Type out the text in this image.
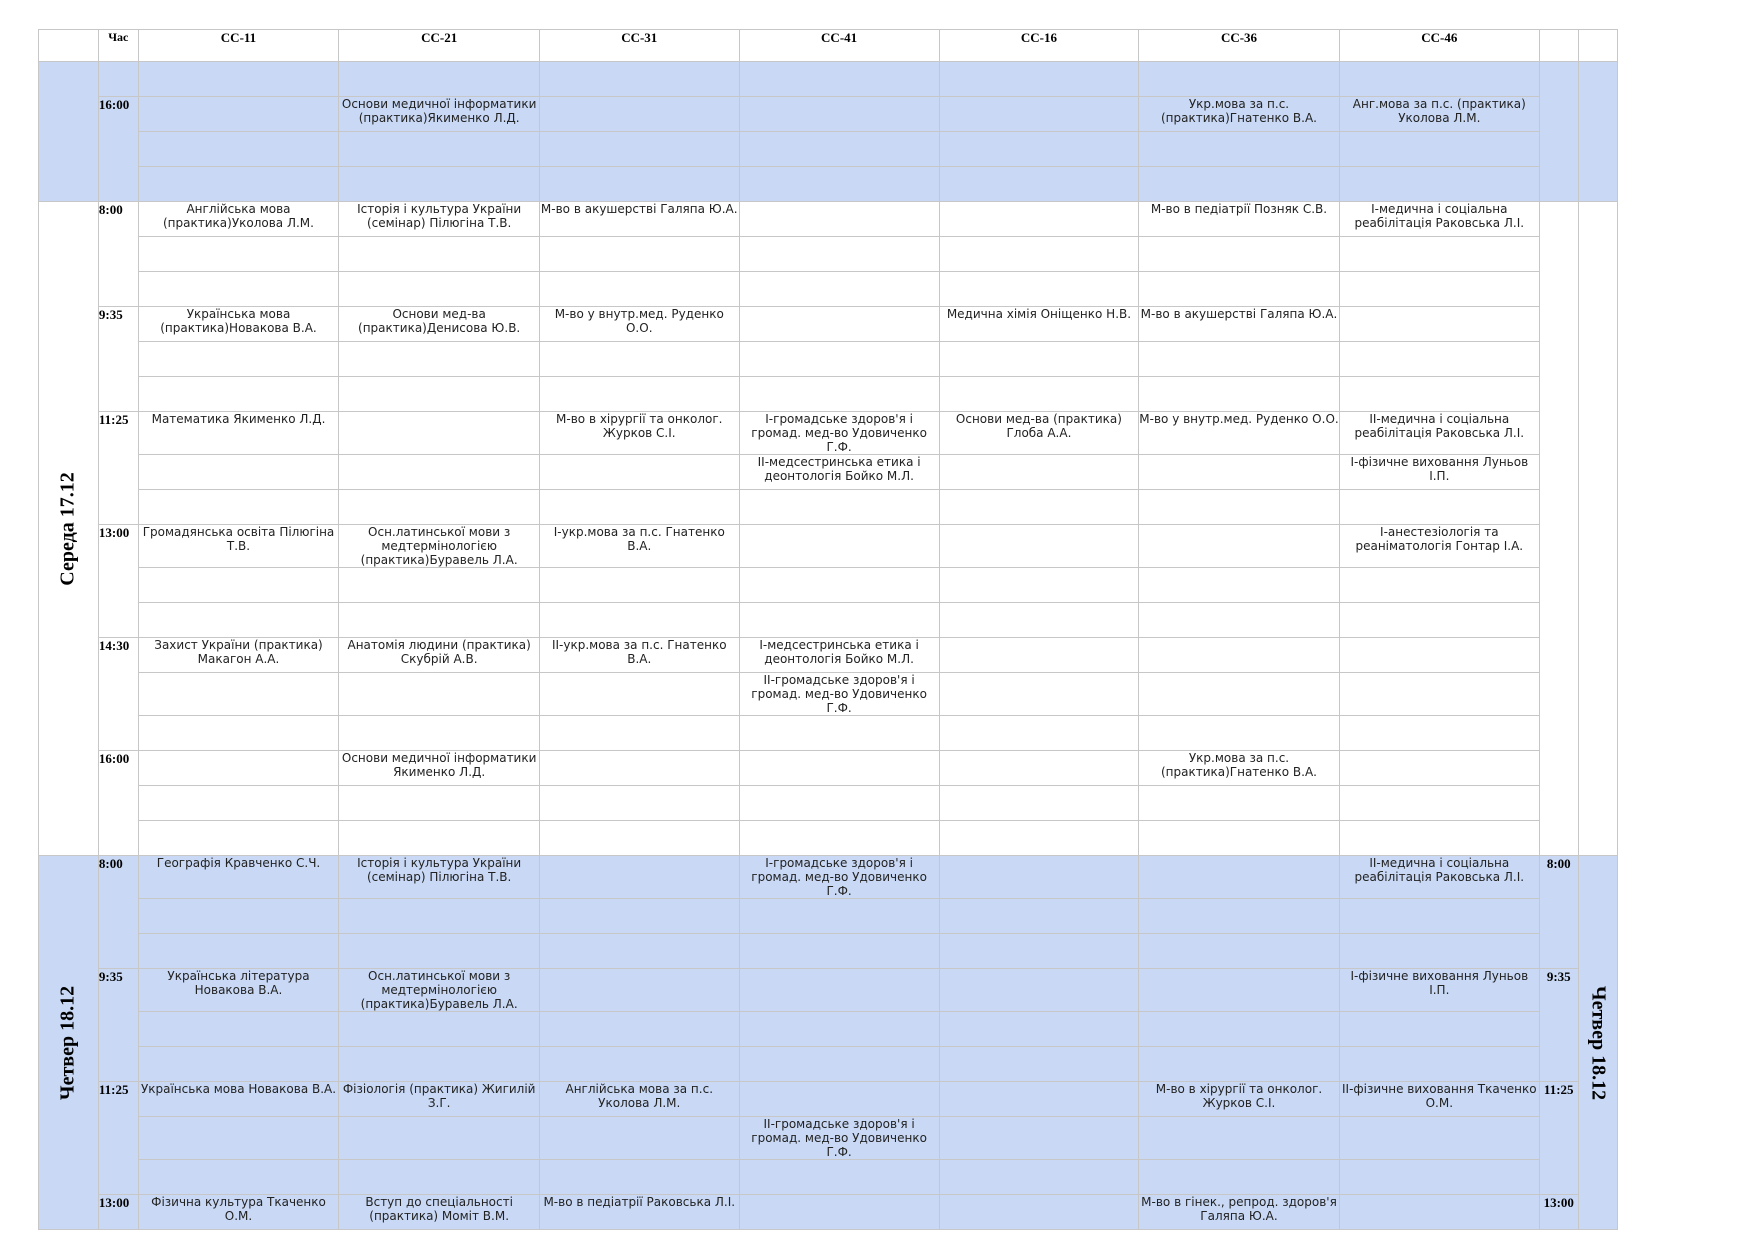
	Час	СС-11	СС-21	СС-31	СС-41	СС-16	СС-36	СС-46		

	16:00		Основи медичної інформатики (практика)Якименко Л.Д.				Укр.мова за п.с. (практика)Гнатенко В.А.	Анг.мова за п.с. (практика) Уколова Л.М.		

Середа 17.12	8:00	Англійська мова (практика)Уколова Л.М.	Історія і культура України (семінар) Пілюгіна Т.В.	М-во в акушерстві Галяпа Ю.А.			М-во в педіатрії Позняк С.В.	І-медична і соціальна реабілітація Раковська Л.І.		

	9:35	Українська мова (практика)Новакова В.А.	Основи мед-ва (практика)Денисова Ю.В.	М-во у внутр.мед. Руденко О.О.		Медична хімія Оніщенко Н.В.	М-во в акушерстві Галяпа Ю.А.			

	11:25	Математика Якименко Л.Д.		М-во в хірургії та онколог. Журков С.І.	І-громадське здоров'я і громад. мед-во Удовиченко Г.Ф.	Основи мед-ва (практика) Глоба А.А.	М-во у внутр.мед. Руденко О.О.	ІІ-медична і соціальна реабілітація Раковська Л.І.		
					ІІ-медсестринська етика і деонтологія Бойко М.Л.			І-фізичне виховання Луньов І.П.		

	13:00	Громадянська освіта Пілюгіна Т.В.	Осн.латинської мови з медтермінологією (практика)Буравель Л.А.	І-укр.мова за п.с. Гнатенко В.А.				І-анестезіологія та реаніматологія Гонтар І.А.		

	14:30	Захист України (практика) Макагон А.А.	Анатомія людини (практика) Скубрій А.В.	ІІ-укр.мова за п.с. Гнатенко В.А.	І-медсестринська етика і деонтологія Бойко М.Л.					
					ІІ-громадське здоров'я і громад. мед-во Удовиченко Г.Ф.					

	16:00		Основи медичної інформатики Якименко Л.Д.				Укр.мова за п.с. (практика)Гнатенко В.А.			

Четвер 18.12	8:00	Географія Кравченко С.Ч.	Історія і культура України (семінар) Пілюгіна Т.В.		І-громадське здоров'я і громад. мед-во Удовиченко Г.Ф.			ІІ-медична і соціальна реабілітація Раковська Л.І.	8:00	Четвер 18.12

	9:35	Українська література Новакова В.А.	Осн.латинської мови з медтермінологією (практика)Буравель Л.А.					І-фізичне виховання Луньов І.П.	9:35	

	11:25	Українська мова Новакова В.А.	Фізіологія (практика) Жигилій З.Г.	Англійська мова за п.с. Уколова Л.М.			М-во в хірургії та онколог. Журков С.І.	ІІ-фізичне виховання Ткаченко О.М.	11:25	
					ІІ-громадське здоров'я і громад. мед-во Удовиченко Г.Ф.					

	13:00	Фізична культура Ткаченко О.М.	Вступ до спеціальності (практика) Моміт В.М.	М-во в педіатрії Раковська Л.І.			М-во в гінек., репрод. здоров'я Галяпа Ю.А.		13:00	
